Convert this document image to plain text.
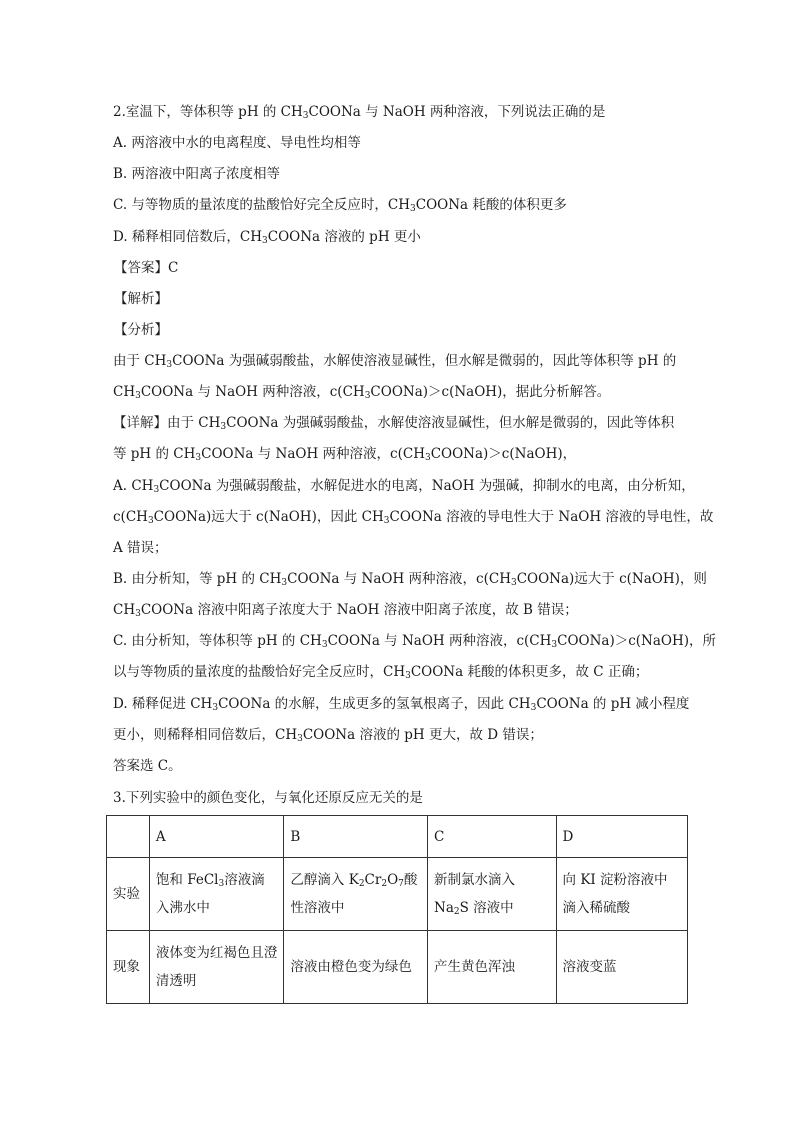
2.室温下，等体积等 pH 的 $CH_3COONa$ 与 NaOH 两种溶液，下列说法正确的是
A. 两溶液中水的电离程度、导电性均相等
B. 两溶液中阳离子浓度相等
C. 与等物质的量浓度的盐酸恰好完全反应时，$CH_3COONa$ 耗酸的体积更多
D. 稀释相同倍数后，$CH_3COONa$ 溶液的 pH 更小
【答案】C
【解析】
【分析】
由于 $CH_3COONa$ 为强碱弱酸盐，水解使溶液显碱性，但水解是微弱的，因此等体积等 pH 的
$CH_3COONa$ 与 NaOH 两种溶液，$c(CH_3COONa)>c(NaOH)$，据此分析解答。
【详解】由于 $CH_3COONa$ 为强碱弱酸盐，水解使溶液显碱性，但水解是微弱的，因此等体积
等 pH 的 $CH_3COONa$ 与 NaOH 两种溶液，$c(CH_3COONa)>c(NaOH)$，
A. $CH_3COONa$ 为强碱弱酸盐，水解促进水的电离，NaOH 为强碱，抑制水的电离，由分析知，
$c(CH_3COONa)$远大于 c(NaOH)，因此 $CH_3COONa$ 溶液的导电性大于 NaOH 溶液的导电性，故
A 错误；
B. 由分析知，等 pH 的 $CH_3COONa$ 与 NaOH 两种溶液，$c(CH_3COONa)$远大于 c(NaOH)，则
$CH_3COONa$ 溶液中阳离子浓度大于 NaOH 溶液中阳离子浓度，故 B 错误；
C. 由分析知，等体积等 pH 的 $CH_3COONa$ 与 NaOH 两种溶液，$c(CH_3COONa)>c(NaOH)$，所
以与等物质的量浓度的盐酸恰好完全反应时，$CH_3COONa$ 耗酸的体积更多，故 C 正确；
D. 稀释促进 $CH_3COONa$ 的水解，生成更多的氢氧根离子，因此 $CH_3COONa$ 的 pH 减小程度
更小，则稀释相同倍数后，$CH_3COONa$ 溶液的 pH 更大，故 D 错误；
答案选 C。
3.下列实验中的颜色变化，与氧化还原反应无关的是
	A	B	C	D
实验	饱和 FeCl$_3$溶液滴入沸水中	乙醇滴入 $K_2Cr_2O_7$酸性溶液中	新制氯水滴入 $Na_2S$ 溶液中	向 KI 淀粉溶液中滴入稀硫酸
现象	液体变为红褐色且澄清透明	溶液由橙色变为绿色	产生黄色浑浊	溶液变蓝
